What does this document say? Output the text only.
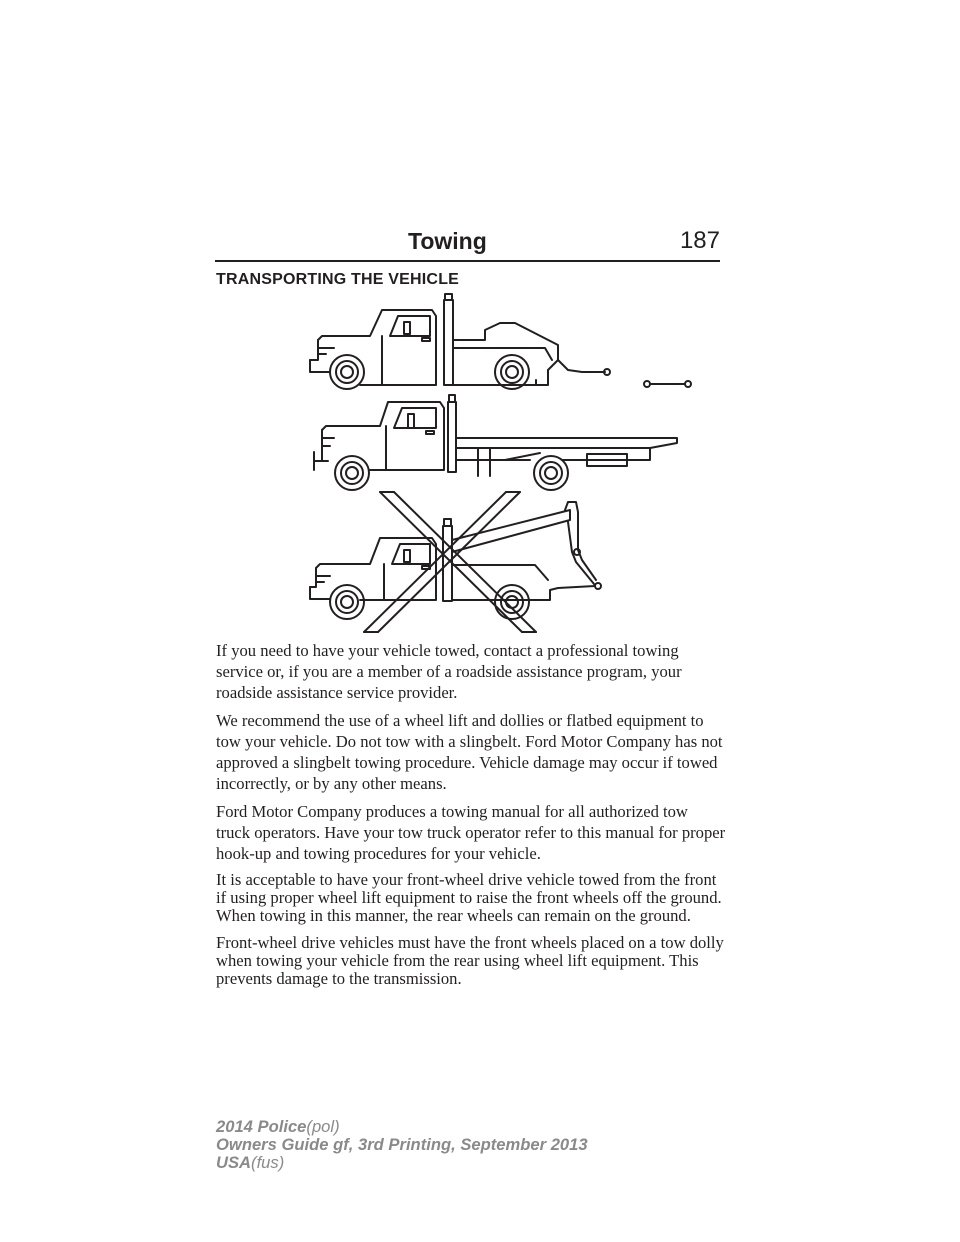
Towing	187
TRANSPORTING THE VEHICLE

If you need to have your vehicle towed, contact a professional towing service or, if you are a member of a roadside assistance program, your roadside assistance service provider.

We recommend the use of a wheel lift and dollies or flatbed equipment to tow your vehicle. Do not tow with a slingbelt. Ford Motor Company has not approved a slingbelt towing procedure. Vehicle damage may occur if towed incorrectly, or by any other means.

Ford Motor Company produces a towing manual for all authorized tow truck operators. Have your tow truck operator refer to this manual for proper hook-up and towing procedures for your vehicle.

It is acceptable to have your front-wheel drive vehicle towed from the front if using proper wheel lift equipment to raise the front wheels off the ground. When towing in this manner, the rear wheels can remain on the ground.

Front-wheel drive vehicles must have the front wheels placed on a tow dolly when towing your vehicle from the rear using wheel lift equipment. This prevents damage to the transmission.

2014 Police(pol)
Owners Guide gf, 3rd Printing, September 2013
USA(fus)
